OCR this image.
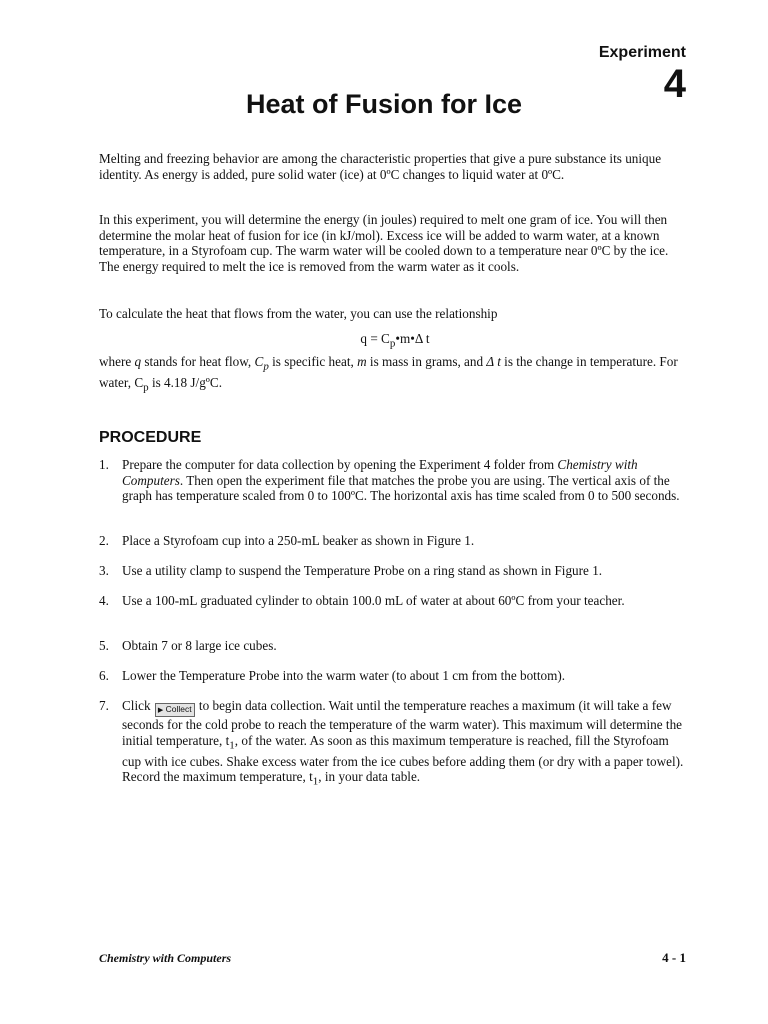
Experiment
4
Heat of Fusion for Ice

Melting and freezing behavior are among the characteristic properties that give a pure substance its unique identity. As energy is added, pure solid water (ice) at 0ºC changes to liquid water at 0ºC.

In this experiment, you will determine the energy (in joules) required to melt one gram of ice. You will then determine the molar heat of fusion for ice (in kJ/mol). Excess ice will be added to warm water, at a known temperature, in a Styrofoam cup. The warm water will be cooled down to a temperature near 0ºC by the ice. The energy required to melt the ice is removed from the warm water as it cools.

To calculate the heat that flows from the water, you can use the relationship

$q = C_p•m•\Delta$ t

where q stands for heat flow, $C_p$ is specific heat, m is mass in grams, and Δ t is the change in temperature. For water, $C_p$ is 4.18 J/gºC.

PROCEDURE
1. Prepare the computer for data collection by opening the Experiment 4 folder from Chemistry with Computers. Then open the experiment file that matches the probe you are using. The vertical axis of the graph has temperature scaled from 0 to 100ºC. The horizontal axis has time scaled from 0 to 500 seconds.
2. Place a Styrofoam cup into a 250-mL beaker as shown in Figure 1.
3. Use a utility clamp to suspend the Temperature Probe on a ring stand as shown in Figure 1.
4. Use a 100-mL graduated cylinder to obtain 100.0 mL of water at about 60ºC from your teacher.
5. Obtain 7 or 8 large ice cubes.
6. Lower the Temperature Probe into the warm water (to about 1 cm from the bottom).
7. Click ▶ Collect to begin data collection. Wait until the temperature reaches a maximum (it will take a few seconds for the cold probe to reach the temperature of the warm water). This maximum will determine the initial temperature, $t_1$, of the water. As soon as this maximum temperature is reached, fill the Styrofoam cup with ice cubes. Shake excess water from the ice cubes before adding them (or dry with a paper towel). Record the maximum temperature, $t_1$, in your data table.
Chemistry with Computers	4 - 1
